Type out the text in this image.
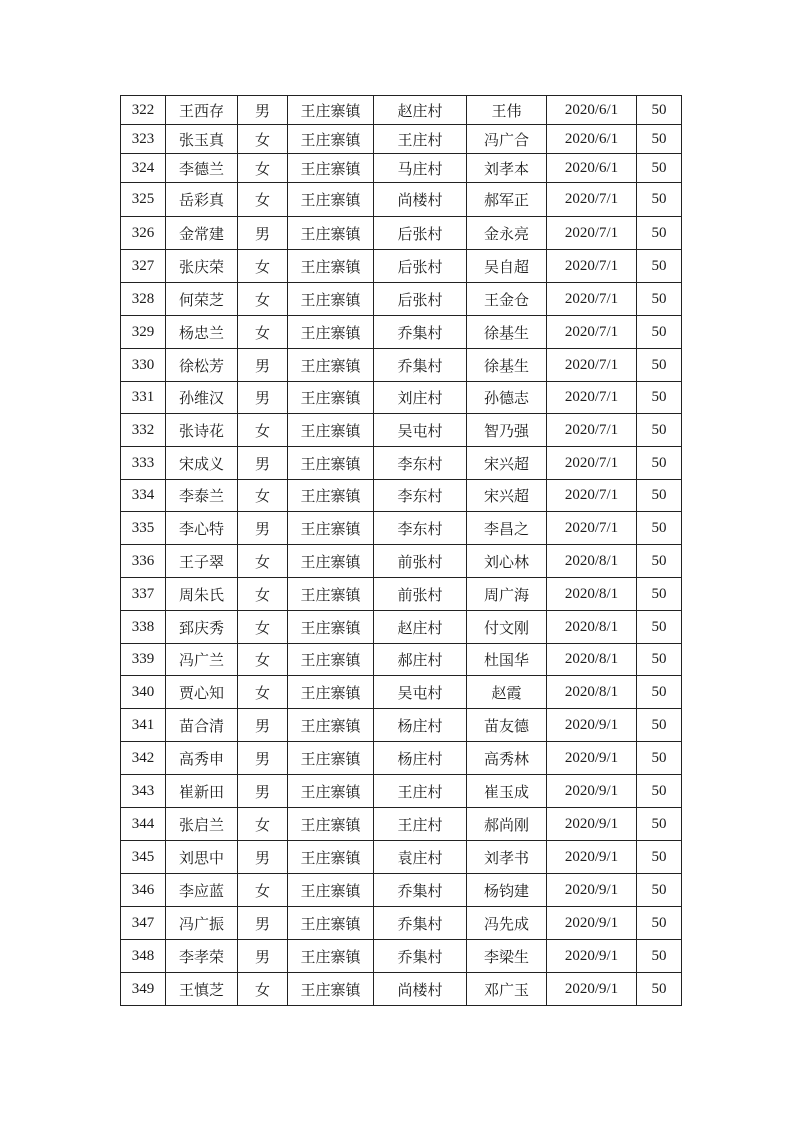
322	王西存	男	王庄寨镇	赵庄村	王伟	2020/6/1	50
323	张玉真	女	王庄寨镇	王庄村	冯广合	2020/6/1	50
324	李德兰	女	王庄寨镇	马庄村	刘孝本	2020/6/1	50
325	岳彩真	女	王庄寨镇	尚楼村	郝军正	2020/7/1	50
326	金常建	男	王庄寨镇	后张村	金永亮	2020/7/1	50
327	张庆荣	女	王庄寨镇	后张村	吴自超	2020/7/1	50
328	何荣芝	女	王庄寨镇	后张村	王金仓	2020/7/1	50
329	杨忠兰	女	王庄寨镇	乔集村	徐基生	2020/7/1	50
330	徐松芳	男	王庄寨镇	乔集村	徐基生	2020/7/1	50
331	孙维汉	男	王庄寨镇	刘庄村	孙德志	2020/7/1	50
332	张诗花	女	王庄寨镇	吴屯村	智乃强	2020/7/1	50
333	宋成义	男	王庄寨镇	李东村	宋兴超	2020/7/1	50
334	李泰兰	女	王庄寨镇	李东村	宋兴超	2020/7/1	50
335	李心特	男	王庄寨镇	李东村	李昌之	2020/7/1	50
336	王子翠	女	王庄寨镇	前张村	刘心林	2020/8/1	50
337	周朱氏	女	王庄寨镇	前张村	周广海	2020/8/1	50
338	郅庆秀	女	王庄寨镇	赵庄村	付文刚	2020/8/1	50
339	冯广兰	女	王庄寨镇	郝庄村	杜国华	2020/8/1	50
340	贾心知	女	王庄寨镇	吴屯村	赵霞	2020/8/1	50
341	苗合清	男	王庄寨镇	杨庄村	苗友德	2020/9/1	50
342	高秀申	男	王庄寨镇	杨庄村	高秀林	2020/9/1	50
343	崔新田	男	王庄寨镇	王庄村	崔玉成	2020/9/1	50
344	张启兰	女	王庄寨镇	王庄村	郝尚刚	2020/9/1	50
345	刘思中	男	王庄寨镇	袁庄村	刘孝书	2020/9/1	50
346	李应蓝	女	王庄寨镇	乔集村	杨钧建	2020/9/1	50
347	冯广振	男	王庄寨镇	乔集村	冯先成	2020/9/1	50
348	李孝荣	男	王庄寨镇	乔集村	李梁生	2020/9/1	50
349	王慎芝	女	王庄寨镇	尚楼村	邓广玉	2020/9/1	50
